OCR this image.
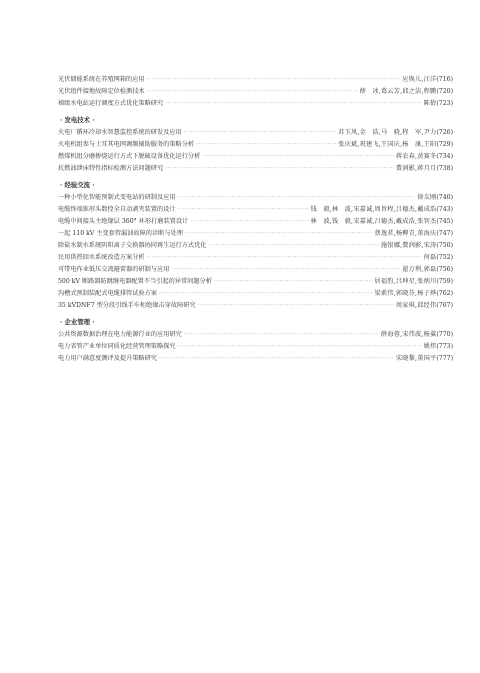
光伏储能系统在养殖网箱的应用 ·····	应焕儿,汪 洋 (716)
光伏组件接地故障定位检测技术 ·····	薛　冰,葛云芳,邱之洁,程 鹏 (720)
梯级水电站运行调度方式优化策略研究 ·····	陈 倩 (723)
· 发电技术 ·
火电厂循环冷却水智慧监控系统的研发及应用 ·····	苏玉凤,金　浩,马　骁,程　军,尹 力 (726)
火电机组参与土耳其电网调频辅助服务的策略分析 ·····	张庆斌,祝建飞,王国庆,杨　康,王 阳 (729)
燃煤机组分磨掺烧运行方式下脱硫设备优化运行分析 ·····	蒋农春,黄赛冬 (734)
抗燃油泄床特性指标检测方法问题研究 ·····	費润影,蒋月月 (738)
· 经验交流 ·
一种小型化智能预制式变电站的研制及应用 ·····	徐友刚 (740)
电缆终端锥形头数控全自动剥夹装置的设计 ·····	钱　毅,林　波,宋嘉诚,周旨程,吕德杰,戴成浩 (743)
电缆中间接头主绝缘层 360° 环形打磨装置设计 ·····	林　波,钱　毅,宋嘉诚,吕德杰,戴成浩,张智杰 (745)
一起 110 kV 主变套管漏油故障的诊断与处理 ·····	蔡逸茗,杨柳青,董海庆 (747)
除盐水制水系统阴阳离子交换器协同再生运行方式优化 ·····	施银娜,費润影,宋 涛 (750)
民用供热回水系统改造方案分析 ·····	何 磊 (752)
可带电作业低压交流避雷器的研制与应用 ·····	翟万利,郭 磊 (756)
500 kV 断路器防跳继电器配置不当引起的异常问题分析 ·····	居福豹,吕坤星,张炳川 (759)
沟槽式预制装配式电缆排管试验方案 ·····	梁素伟,郭晓芬,杨子烨 (762)
35 kVDNF7 型分段引线手车柜绝缘击穿故障研究 ·····	周家琪,邱经伟 (767)
· 企业管理 ·
公共资源数据治理在电力能源行业的应用研究 ·····	薛海蓉,宋伟波,杨 翼 (770)
电力省管产业单位同质化经营管理策略探究 ·····	姚 炜 (773)
电力用户满意度测评及提升策略研究 ·····	宋晓黎,董国平 (777)
